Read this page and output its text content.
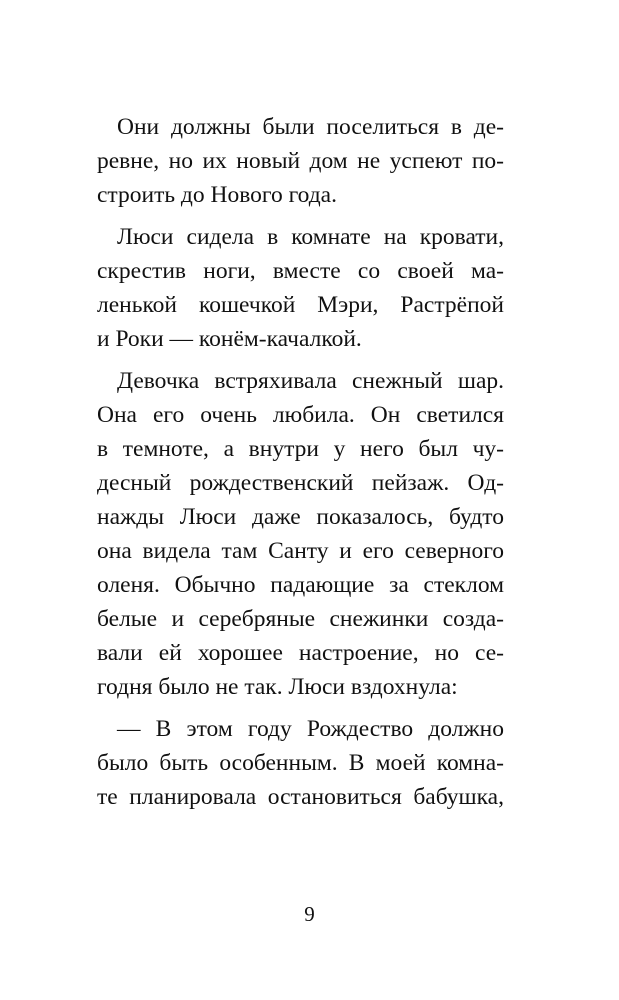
Они должны были поселиться в де-
ревне, но их новый дом не успеют по-
строить до Нового года.
Люси сидела в комнате на кровати,
скрестив ноги, вместе со своей ма-
ленькой кошечкой Мэри, Растрёпой
и Роки — конём-качалкой.
Девочка встряхивала снежный шар.
Она его очень любила. Он светился
в темноте, а внутри у него был чу-
десный рождественский пейзаж. Од-
нажды Люси даже показалось, будто
она видела там Санту и его северного
оленя. Обычно падающие за стеклом
белые и серебряные снежинки созда-
вали ей хорошее настроение, но се-
годня было не так. Люси вздохнула:
— В этом году Рождество должно
было быть особенным. В моей комна-
те планировала остановиться бабушка,
9
